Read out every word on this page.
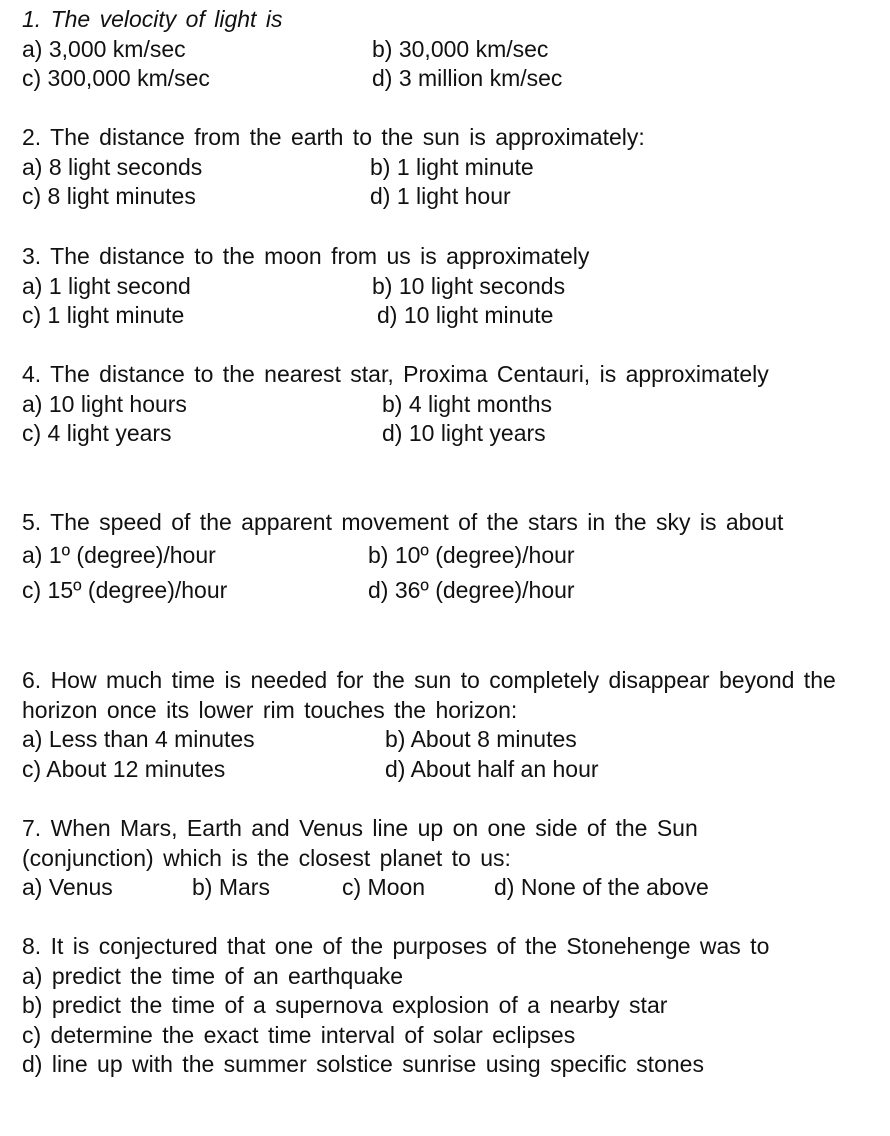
1. The velocity of light is
a) 3,000 km/sec	b) 30,000 km/sec
c) 300,000 km/sec	d) 3 million km/sec
2. The distance from the earth to the sun is approximately:
a) 8 light seconds	b) 1 light minute
c) 8 light minutes	d) 1 light hour
3. The distance to the moon from us is approximately
a) 1 light second	b) 10 light seconds
c) 1 light minute	d) 10 light minute
4. The distance to the nearest star, Proxima Centauri, is approximately
a) 10 light hours	b) 4 light months
c) 4 light years	d) 10 light years
5. The speed of the apparent movement of the stars in the sky is about
a) 1º (degree)/hour	b) 10º (degree)/hour
c) 15º (degree)/hour	d) 36º (degree)/hour
6. How much time is needed for the sun to completely disappear beyond the horizon once its lower rim touches the horizon:
a) Less than 4 minutes	b) About 8 minutes
c) About 12 minutes	d) About half an hour
7. When Mars, Earth and Venus line up on one side of the Sun (conjunction) which is the closest planet to us:
a) Venus	b) Mars	c) Moon	d) None of the above
8. It is conjectured that one of the purposes of the Stonehenge was to
a) predict the time of an earthquake
b) predict the time of a supernova explosion of a nearby star
c) determine the exact time interval of solar eclipses
d) line up with the summer solstice sunrise using specific stones
